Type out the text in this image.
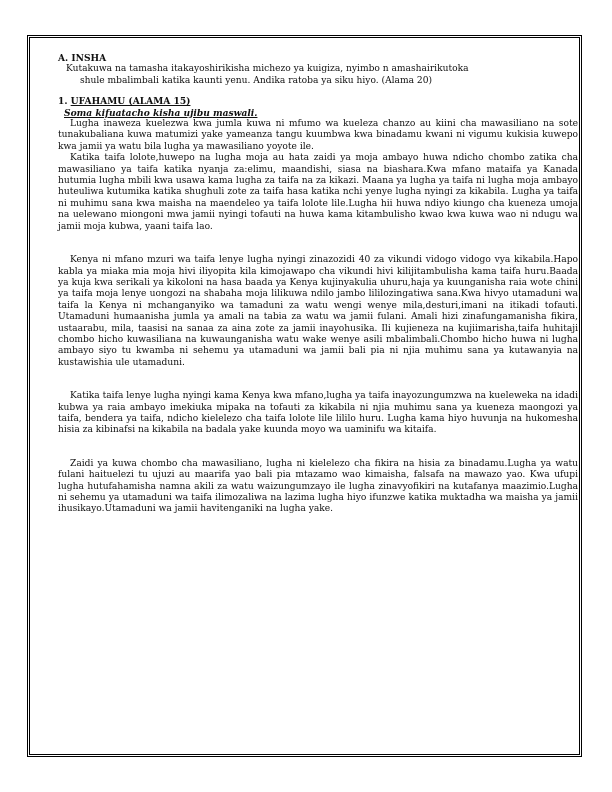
A. INSHA

Kutakuwa na tamasha itakayoshirikisha michezo ya kuigiza, nyimbo n amashairikutoka
shule mbalimbali katika kaunti yenu. Andika ratoba ya siku hiyo. (Alama 20)

1. UFAHAMU (ALAMA 15)

Soma kifuatacho kisha ujibu maswali.

Lugha inaweza kuelezwa kwa jumla kuwa ni mfumo wa kueleza chanzo au kiini cha mawasiliano na sote tunakubaliana kuwa matumizi yake yameanza tangu kuumbwa kwa binadamu kwani ni vigumu kukisia kuwepo kwa jamii ya watu bila lugha ya mawasiliano yoyote ile.

Katika taifa lolote,huwepo na lugha moja au hata zaidi ya moja ambayo huwa ndicho chombo zatika cha mawasiliano ya taifa katika nyanja za:elimu, maandishi, siasa na biashara.Kwa mfano mataifa ya Kanada hutumia lugha mbili kwa usawa kama lugha za taifa na za kikazi. Maana ya lugha ya taifa ni lugha moja ambayo huteuliwa kutumika katika shughuli zote za taifa hasa katika nchi yenye lugha nyingi za kikabila. Lugha ya taifa ni muhimu sana kwa maisha na maendeleo ya taifa lolote lile.Lugha hii huwa ndiyo kiungo cha kueneza umoja na uelewano miongoni mwa jamii nyingi tofauti na huwa kama kitambulisho kwao kwa kuwa wao ni ndugu wa jamii moja kubwa, yaani taifa lao.

Kenya ni mfano mzuri wa taifa lenye lugha nyingi zinazozidi 40 za vikundi vidogo vidogo vya kikabila.Hapo kabla ya miaka mia moja hivi iliyopita kila kimojawapo cha vikundi hivi kilijitambulisha kama taifa huru.Baada ya kuja kwa serikali ya kikoloni na hasa baada ya Kenya kujinyakulia uhuru,haja ya kuunganisha raia wote chini ya taifa moja lenye uongozi na shabaha moja lilikuwa ndilo jambo lililozingatiwa sana.Kwa hivyo utamaduni wa taifa la Kenya ni mchanganyiko wa tamaduni za watu wengi wenye mila,desturi,imani na itikadi tofauti. Utamaduni humaanisha jumla ya amali na tabia za watu wa jamii fulani. Amali hizi zinafungamanisha fikira, ustaarabu, mila, taasisi na sanaa za aina zote za jamii inayohusika. Ili kujieneza na kujiimarisha,taifa huhitaji chombo hicho kuwasiliana na kuwaunganisha watu wake wenye asili mbalimbali.Chombo hicho huwa ni lugha ambayo siyo tu kwamba ni sehemu ya utamaduni wa jamii bali pia ni njia muhimu sana ya kutawanyia na kustawishia ule utamaduni.

Katika taifa lenye lugha nyingi kama Kenya kwa mfano,lugha ya taifa inayozungumzwa na kueleweka na idadi kubwa ya raia ambayo imekiuka mipaka na tofauti za kikabila ni njia muhimu sana ya kueneza maongozi ya taifa, bendera ya taifa, ndicho kielelezo cha taifa lolote lile lililo huru. Lugha kama hiyo huvunja na hukomesha hisia za kibinafsi na kikabila na badala yake kuunda moyo wa uaminifu wa kitaifa.

Zaidi ya kuwa chombo cha mawasiliano, lugha ni kielelezo cha fikira na hisia za binadamu.Lugha ya watu fulani haituelezi tu ujuzi au maarifa yao bali pia mtazamo wao kimaisha, falsafa na mawazo yao. Kwa ufupi lugha hutufahamisha namna akili za watu waizungumzayo ile lugha zinavyofikiri na kutafanya maazimio.Lugha ni sehemu ya utamaduni wa taifa ilimozaliwa na lazima lugha hiyo ifunzwe katika muktadha wa maisha ya jamii ihusikayo.Utamaduni wa jamii havitenganiki na lugha yake.
